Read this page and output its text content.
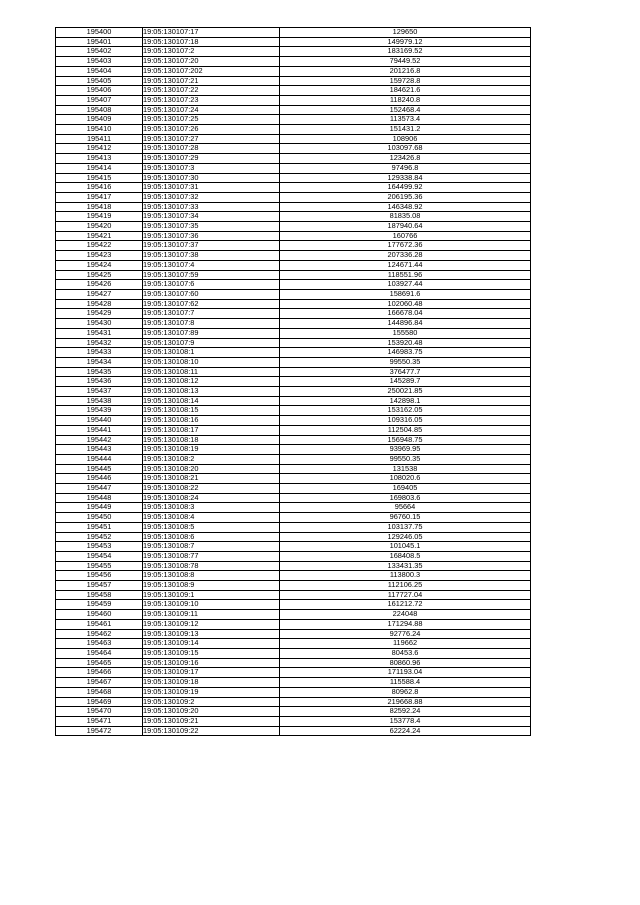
195400	19:05:130107:17	129650
195401	19:05:130107:18	149979.12
195402	19:05:130107:2	183169.52
195403	19:05:130107:20	79449.52
195404	19:05:130107:202	201216.8
195405	19:05:130107:21	159728.8
195406	19:05:130107:22	184621.6
195407	19:05:130107:23	118240.8
195408	19:05:130107:24	152468.4
195409	19:05:130107:25	113573.4
195410	19:05:130107:26	151431.2
195411	19:05:130107:27	108906
195412	19:05:130107:28	103097.68
195413	19:05:130107:29	123426.8
195414	19:05:130107:3	97496.8
195415	19:05:130107:30	129338.84
195416	19:05:130107:31	164499.92
195417	19:05:130107:32	206195.36
195418	19:05:130107:33	146348.92
195419	19:05:130107:34	81835.08
195420	19:05:130107:35	187940.64
195421	19:05:130107:36	160766
195422	19:05:130107:37	177672.36
195423	19:05:130107:38	207336.28
195424	19:05:130107:4	124671.44
195425	19:05:130107:59	118551.96
195426	19:05:130107:6	103927.44
195427	19:05:130107:60	158691.6
195428	19:05:130107:62	102060.48
195429	19:05:130107:7	166678.04
195430	19:05:130107:8	144896.84
195431	19:05:130107:89	155580
195432	19:05:130107:9	153920.48
195433	19:05:130108:1	146983.75
195434	19:05:130108:10	99550.35
195435	19:05:130108:11	376477.7
195436	19:05:130108:12	145289.7
195437	19:05:130108:13	250021.85
195438	19:05:130108:14	142898.1
195439	19:05:130108:15	153162.05
195440	19:05:130108:16	109316.05
195441	19:05:130108:17	112504.85
195442	19:05:130108:18	156948.75
195443	19:05:130108:19	93969.95
195444	19:05:130108:2	99550.35
195445	19:05:130108:20	131538
195446	19:05:130108:21	108020.6
195447	19:05:130108:22	169405
195448	19:05:130108:24	169803.6
195449	19:05:130108:3	95664
195450	19:05:130108:4	96760.15
195451	19:05:130108:5	103137.75
195452	19:05:130108:6	129246.05
195453	19:05:130108:7	101045.1
195454	19:05:130108:77	168408.5
195455	19:05:130108:78	133431.35
195456	19:05:130108:8	113800.3
195457	19:05:130108:9	112106.25
195458	19:05:130109:1	117727.04
195459	19:05:130109:10	161212.72
195460	19:05:130109:11	224048
195461	19:05:130109:12	171294.88
195462	19:05:130109:13	92776.24
195463	19:05:130109:14	119662
195464	19:05:130109:15	80453.6
195465	19:05:130109:16	80860.96
195466	19:05:130109:17	171193.04
195467	19:05:130109:18	115588.4
195468	19:05:130109:19	80962.8
195469	19:05:130109:2	219668.88
195470	19:05:130109:20	82592.24
195471	19:05:130109:21	153778.4
195472	19:05:130109:22	62224.24
